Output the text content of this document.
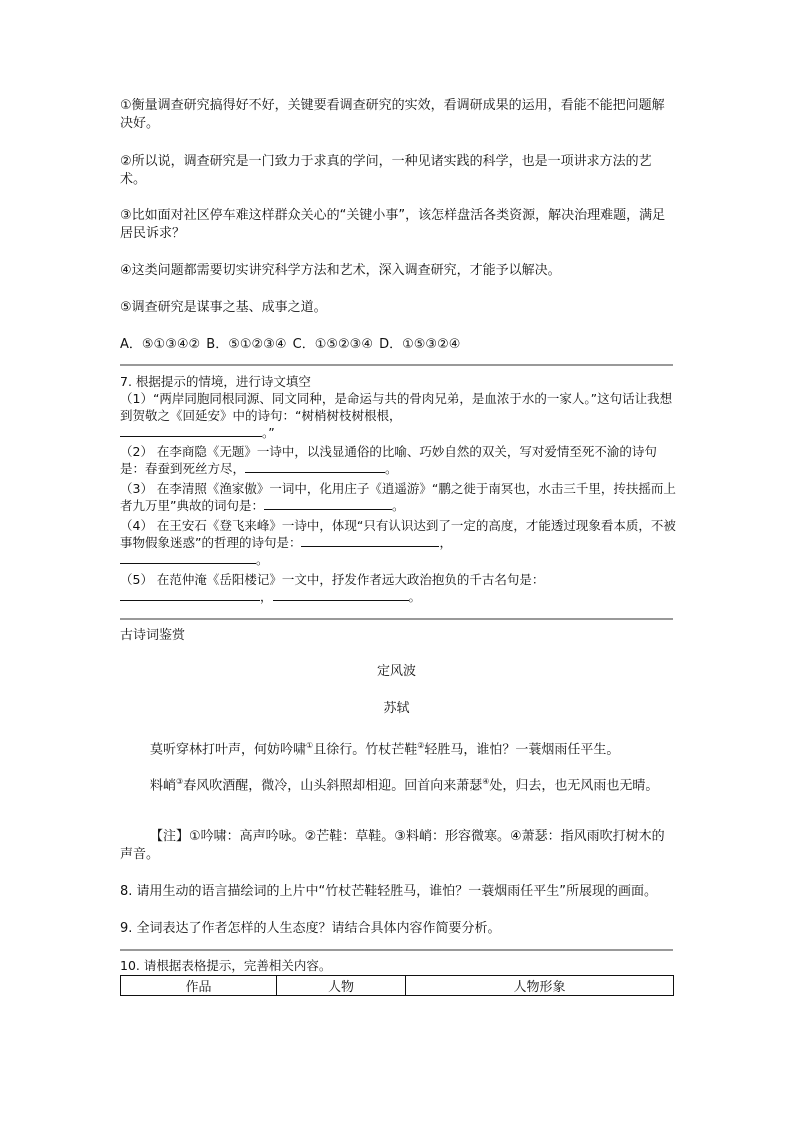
①衡量调查研究搞得好不好，关键要看调查研究的实效，看调研成果的运用，看能不能把问题解决好。
②所以说，调查研究是一门致力于求真的学问，一种见诸实践的科学，也是一项讲求方法的艺术。
③比如面对社区停车难这样群众关心的“关键小事”，该怎样盘活各类资源，解决治理难题，满足居民诉求？
④这类问题都需要切实讲究科学方法和艺术，深入调查研究，才能予以解决。
⑤调查研究是谋事之基、成事之道。
A．⑤①③④② B．⑤①②③④ C．①⑤②③④ D．①⑤③②④
7. 根据提示的情境，进行诗文填空
（1）“两岸同胞同根同源、同文同种，是命运与共的骨肉兄弟，是血浓于水的一家人。”这句话让我想到贺敬之《回延安》中的诗句：“树梢树枝树根根，
。”
（2） 在李商隐《无题》一诗中，以浅显通俗的比喻、巧妙自然的双关，写对爱情至死不渝的诗句是：春蚕到死丝方尽，	。
（3） 在李清照《渔家傲》一词中，化用庄子《逍遥游》“鹏之徙于南冥也，水击三千里，抟扶摇而上者九万里”典故的词句是：	。
（4） 在王安石《登飞来峰》一诗中，体现“只有认识达到了一定的高度，才能透过现象看本质，不被事物假象迷惑”的哲理的诗句是：	，
。
（5） 在范仲淹《岳阳楼记》一文中，抒发作者远大政治抱负的千古名句是：
，	。
古诗词鉴赏
定风波
苏轼
莫听穿林打叶声，何妨吟啸①且徐行。竹杖芒鞋②轻胜马，谁怕？一蓑烟雨任平生。
料峭③春风吹酒醒，微冷，山头斜照却相迎。回首向来萧瑟④处，归去，也无风雨也无晴。
【注】①吟啸：高声吟咏。②芒鞋：草鞋。③料峭：形容微寒。④萧瑟：指风雨吹打树木的声音。
8. 请用生动的语言描绘词的上片中“竹杖芒鞋轻胜马，谁怕？一蓑烟雨任平生”所展现的画面。
9. 全词表达了作者怎样的人生态度？请结合具体内容作简要分析。
10. 请根据表格提示，完善相关内容。
作品	人物	人物形象
